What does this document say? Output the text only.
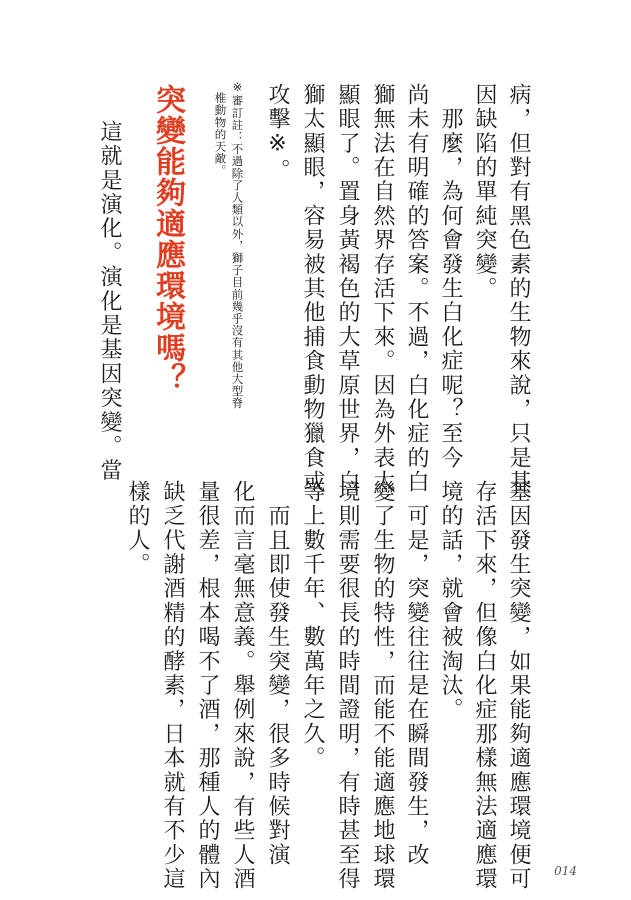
病，但對有黑色素的生物來說，只是基
因缺陷的單純突變。
　那麼，為何會發生白化症呢？至今
尚未有明確的答案。不過，白化症的白
獅無法在自然界存活下來。因為外表太
顯眼了。置身黃褐色的大草原世界，白
獅太顯眼，容易被其他捕食動物獵食或
攻擊※。
※審訂註：不過除了人類以外，獅子目前幾乎沒有其他大型脊
椎動物的天敵。
突變能夠適應環境嗎？
這就是演化。演化是基因突變。當
基因發生突變，如果能夠適應環境便可
存活下來，但像白化症那樣無法適應環
境的話，就會被淘汰。
　可是，突變往往是在瞬間發生，改
變了生物的特性，而能不能適應地球環
境則需要很長的時間證明，有時甚至得
等上數千年、數萬年之久。
　而且即使發生突變，很多時候對演
化而言毫無意義。舉例來說，有些人酒
量很差，根本喝不了酒，那種人的體內
缺乏代謝酒精的酵素，日本就有不少這
樣的人。
014
